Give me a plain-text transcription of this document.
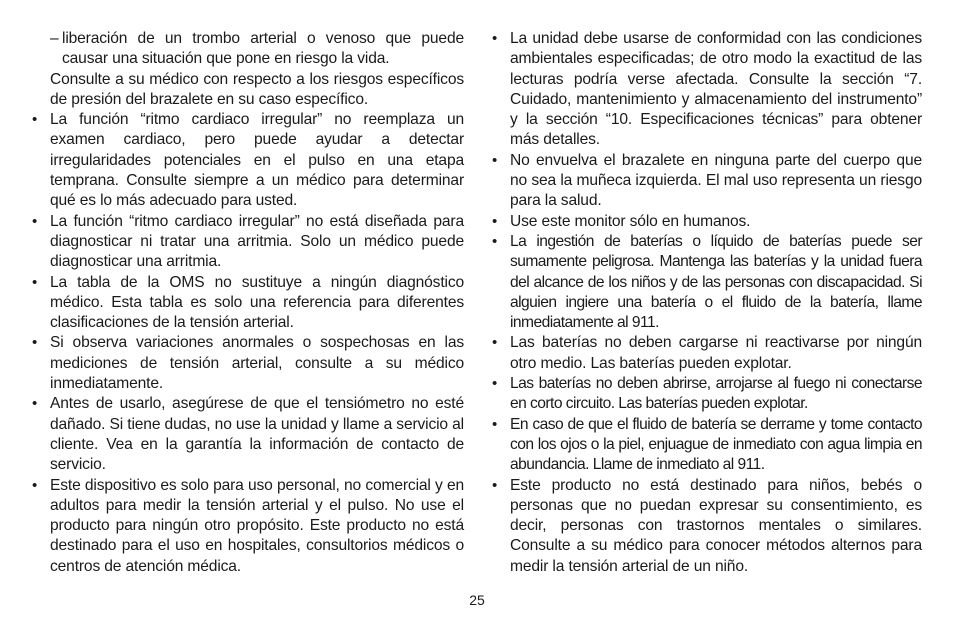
– liberación de un trombo arterial o venoso que puede causar una situación que pone en riesgo la vida.
Consulte a su médico con respecto a los riesgos específicos de presión del brazalete en su caso específico.
• La función “ritmo cardiaco irregular” no reemplaza un examen cardiaco, pero puede ayudar a detectar irregularidades potenciales en el pulso en una etapa temprana. Consulte siempre a un médico para determinar qué es lo más adecuado para usted.
• La función “ritmo cardiaco irregular” no está diseñada para diagnosticar ni tratar una arritmia. Solo un médico puede diagnosticar una arritmia.
• La tabla de la OMS no sustituye a ningún diagnóstico médico. Esta tabla es solo una referencia para diferentes clasificaciones de la tensión arterial.
• Si observa variaciones anormales o sospechosas en las mediciones de tensión arterial, consulte a su médico inmediatamente.
• Antes de usarlo, asegúrese de que el tensiómetro no esté dañado. Si tiene dudas, no use la unidad y llame a servicio al cliente. Vea en la garantía la información de contacto de servicio.
• Este dispositivo es solo para uso personal, no comercial y en adultos para medir la tensión arterial y el pulso. No use el producto para ningún otro propósito. Este producto no está destinado para el uso en hospitales, consultorios médicos o centros de atención médica.
• La unidad debe usarse de conformidad con las condiciones ambientales especificadas; de otro modo la exactitud de las lecturas podría verse afectada. Consulte la sección “7. Cuidado, mantenimiento y almacenamiento del instrumento” y la sección “10. Especificaciones técnicas” para obtener más detalles.
• No envuelva el brazalete en ninguna parte del cuerpo que no sea la muñeca izquierda. El mal uso representa un riesgo para la salud.
• Use este monitor sólo en humanos.
• La ingestión de baterías o líquido de baterías puede ser sumamente peligrosa. Mantenga las baterías y la unidad fuera del alcance de los niños y de las personas con discapacidad. Si alguien ingiere una batería o el fluido de la batería, llame inmediatamente al 911.
• Las baterías no deben cargarse ni reactivarse por ningún otro medio. Las baterías pueden explotar.
• Las baterías no deben abrirse, arrojarse al fuego ni conectarse en corto circuito. Las baterías pueden explotar.
• En caso de que el fluido de batería se derrame y tome contacto con los ojos o la piel, enjuague de inmediato con agua limpia en abundancia. Llame de inmediato al 911.
• Este producto no está destinado para niños, bebés o personas que no puedan expresar su consentimiento, es decir, personas con trastornos mentales o similares. Consulte a su médico para conocer métodos alternos para medir la tensión arterial de un niño.
25
